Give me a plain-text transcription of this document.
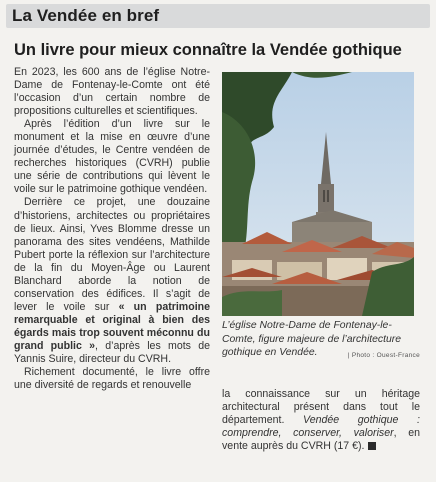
La Vendée en bref
Un livre pour mieux connaître la Vendée gothique

En 2023, les 600 ans de l’église Notre-Dame de Fontenay-le-Comte ont été l’occasion d’un certain nombre de propositions culturelles et scientifiques.

Après l’édition d’un livre sur le monument et la mise en œuvre d’une journée d’études, le Centre vendéen de recherches historiques (CVRH) publie une série de contributions qui lèvent le voile sur le patrimoine gothique vendéen.

Derrière ce projet, une douzaine d’historiens, architectes ou propriétaires de lieux. Ainsi, Yves Blomme dresse un panorama des sites vendéens, Mathilde Pubert porte la réflexion sur l’architecture de la fin du Moyen-Âge ou Laurent Blanchard aborde la notion de conservation des édifices. Il s’agit de lever le voile sur « un patrimoine remarquable et original à bien des égards mais trop souvent méconnu du grand public », d’après les mots de Yannis Suire, directeur du CVRH.

Richement documenté, le livre offre une diversité de regards et renouvelle

L’église Notre-Dame de Fontenay-le-Comte, figure majeure de l’architecture gothique en Vendée.	| Photo : Ouest-France

la connaissance sur un héritage architectural présent dans tout le département. Vendée gothique : comprendre, conserver, valoriser, en vente auprès du CVRH (17 €).
